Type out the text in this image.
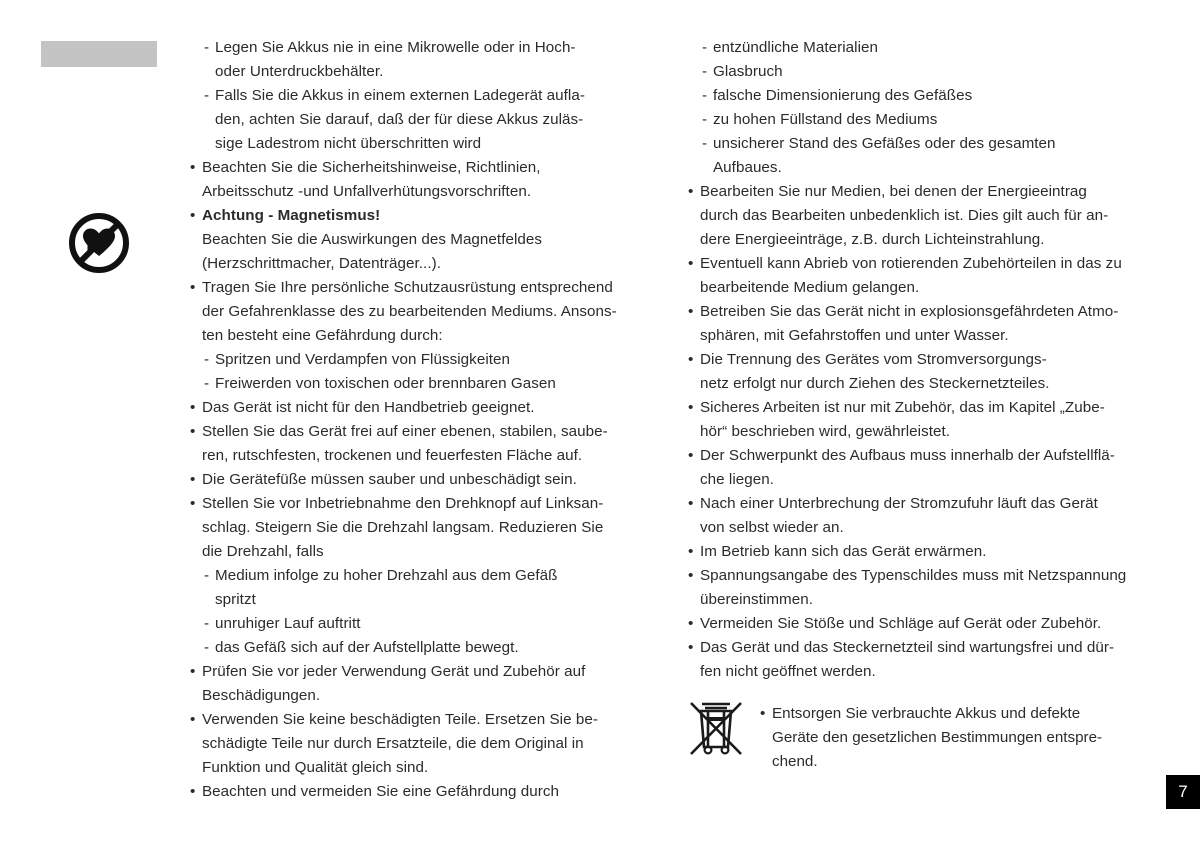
- Legen Sie Akkus nie in eine Mikrowelle oder in Hoch-
oder Unterdruckbehälter.
- Falls Sie die Akkus in einem externen Ladegerät aufla-
den, achten Sie darauf, daß der für diese Akkus zuläs-
sige Ladestrom nicht überschritten wird
• Beachten Sie die Sicherheitshinweise, Richtlinien,
Arbeitsschutz -und Unfallverhütungsvorschriften.
• Achtung - Magnetismus!
Beachten Sie die Auswirkungen des Magnetfeldes
(Herzschrittmacher, Datenträger...).
• Tragen Sie Ihre persönliche Schutzausrüstung entsprechend
der Gefahrenklasse des zu bearbeitenden Mediums. Ansons-
ten besteht eine Gefährdung durch:
- Spritzen und Verdampfen von Flüssigkeiten
- Freiwerden von toxischen oder brennbaren Gasen
• Das Gerät ist nicht für den Handbetrieb geeignet.
• Stellen Sie das Gerät frei auf einer ebenen, stabilen, saube-
ren, rutschfesten, trockenen und feuerfesten Fläche auf.
• Die Gerätefüße müssen sauber und unbeschädigt sein.
• Stellen Sie vor Inbetriebnahme den Drehknopf auf Linksan-
schlag. Steigern Sie die Drehzahl langsam. Reduzieren Sie
die Drehzahl, falls
- Medium infolge zu hoher Drehzahl aus dem Gefäß
spritzt
- unruhiger Lauf auftritt
- das Gefäß sich auf der Aufstellplatte bewegt.
• Prüfen Sie vor jeder Verwendung Gerät und Zubehör auf
Beschädigungen.
• Verwenden Sie keine beschädigten Teile. Ersetzen Sie be-
schädigte Teile nur durch Ersatzteile, die dem Original in
Funktion und Qualität gleich sind.
• Beachten und vermeiden Sie eine Gefährdung durch
- entzündliche Materialien
- Glasbruch
- falsche Dimensionierung des Gefäßes
- zu hohen Füllstand des Mediums
- unsicherer Stand des Gefäßes oder des gesamten
Aufbaues.
• Bearbeiten Sie nur Medien, bei denen der Energieeintrag
durch das Bearbeiten unbedenklich ist. Dies gilt auch für an-
dere Energieeinträge, z.B. durch Lichteinstrahlung.
• Eventuell kann Abrieb von rotierenden Zubehörteilen in das zu
bearbeitende Medium gelangen.
• Betreiben Sie das Gerät nicht in explosionsgefährdeten Atmo-
sphären, mit Gefahrstoffen und unter Wasser.
• Die Trennung des Gerätes vom Stromversorgungs-
netz erfolgt nur durch Ziehen des Steckernetzteiles.
• Sicheres Arbeiten ist nur mit Zubehör, das im Kapitel „Zube-
hör“ beschrieben wird, gewährleistet.
• Der Schwerpunkt des Aufbaus muss innerhalb der Aufstellflä-
che liegen.
• Nach einer Unterbrechung der Stromzufuhr läuft das Gerät
von selbst wieder an.
• Im Betrieb kann sich das Gerät erwärmen.
• Spannungsangabe des Typenschildes muss mit Netzspannung
übereinstimmen.
• Vermeiden Sie Stöße und Schläge auf Gerät oder Zubehör.
• Das Gerät und das Steckernetzteil sind wartungsfrei und dür-
fen nicht geöffnet werden.
• Entsorgen Sie verbrauchte Akkus und defekte
Geräte den gesetzlichen Bestimmungen entspre-
chend.
7
